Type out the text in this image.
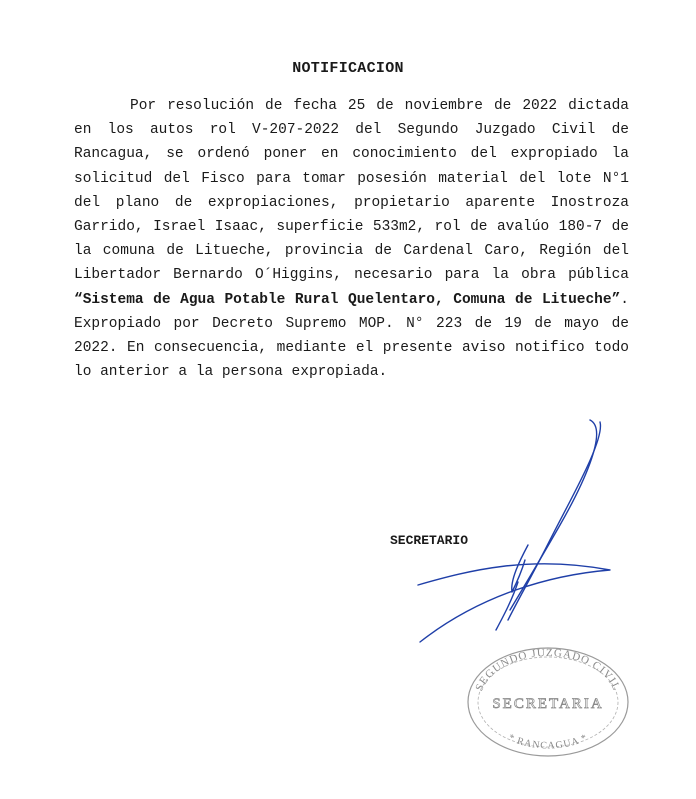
NOTIFICACION

Por resolución de fecha 25 de noviembre de 2022 dictada en los autos rol V-207-2022 del Segundo Juzgado Civil de Rancagua, se ordenó poner en conocimiento del expropiado la solicitud del Fisco para tomar posesión material del lote N°1 del plano de expropiaciones, propietario aparente Inostroza Garrido, Israel Isaac, superficie 533m2, rol de avalúo 180-7 de la comuna de Litueche, provincia de Cardenal Caro, Región del Libertador Bernardo O´Higgins, necesario para la obra pública “Sistema de Agua Potable Rural Quelentaro, Comuna de Litueche”. Expropiado por Decreto Supremo MOP. N° 223 de 19 de mayo de 2022. En consecuencia, mediante el presente aviso notifico todo lo anterior a la persona expropiada.

SECRETARIO
SEGUNDO JUZGADO CIVIL
SECRETARIA
* RANCAGUA *
